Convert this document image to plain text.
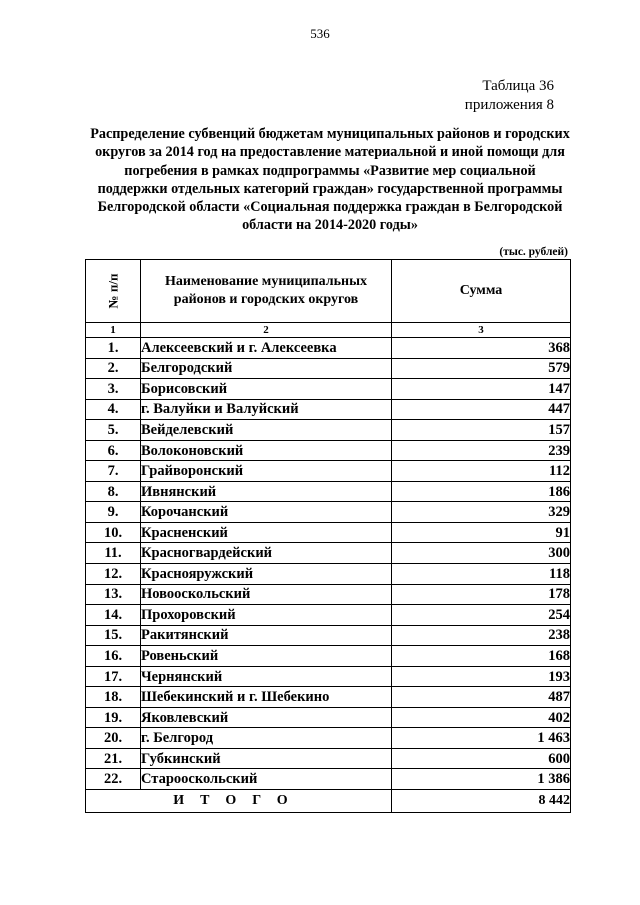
536
Таблица 36
приложения 8
Распределение субвенций бюджетам муниципальных районов и городских округов за 2014 год на предоставление материальной и иной помощи для погребения в рамках подпрограммы «Развитие мер социальной поддержки отдельных категорий граждан» государственной программы Белгородской области «Социальная поддержка граждан в Белгородской области на 2014-2020 годы»
(тыс. рублей)
№ п/п	Наименование муниципальных районов и городских округов	Сумма
1	2	3
1.	Алексеевский и г. Алексеевка	368
2.	Белгородский	579
3.	Борисовский	147
4.	г. Валуйки и Валуйский	447
5.	Вейделевский	157
6.	Волоконовский	239
7.	Грайворонский	112
8.	Ивнянский	186
9.	Корочанский	329
10.	Красненский	91
11.	Красногвардейский	300
12.	Краснояружский	118
13.	Новооскольский	178
14.	Прохоровский	254
15.	Ракитянский	238
16.	Ровеньский	168
17.	Чернянский	193
18.	Шебекинский и г. Шебекино	487
19.	Яковлевский	402
20.	г. Белгород	1 463
21.	Губкинский	600
22.	Старооскольский	1 386
ИТОГО		8 442
